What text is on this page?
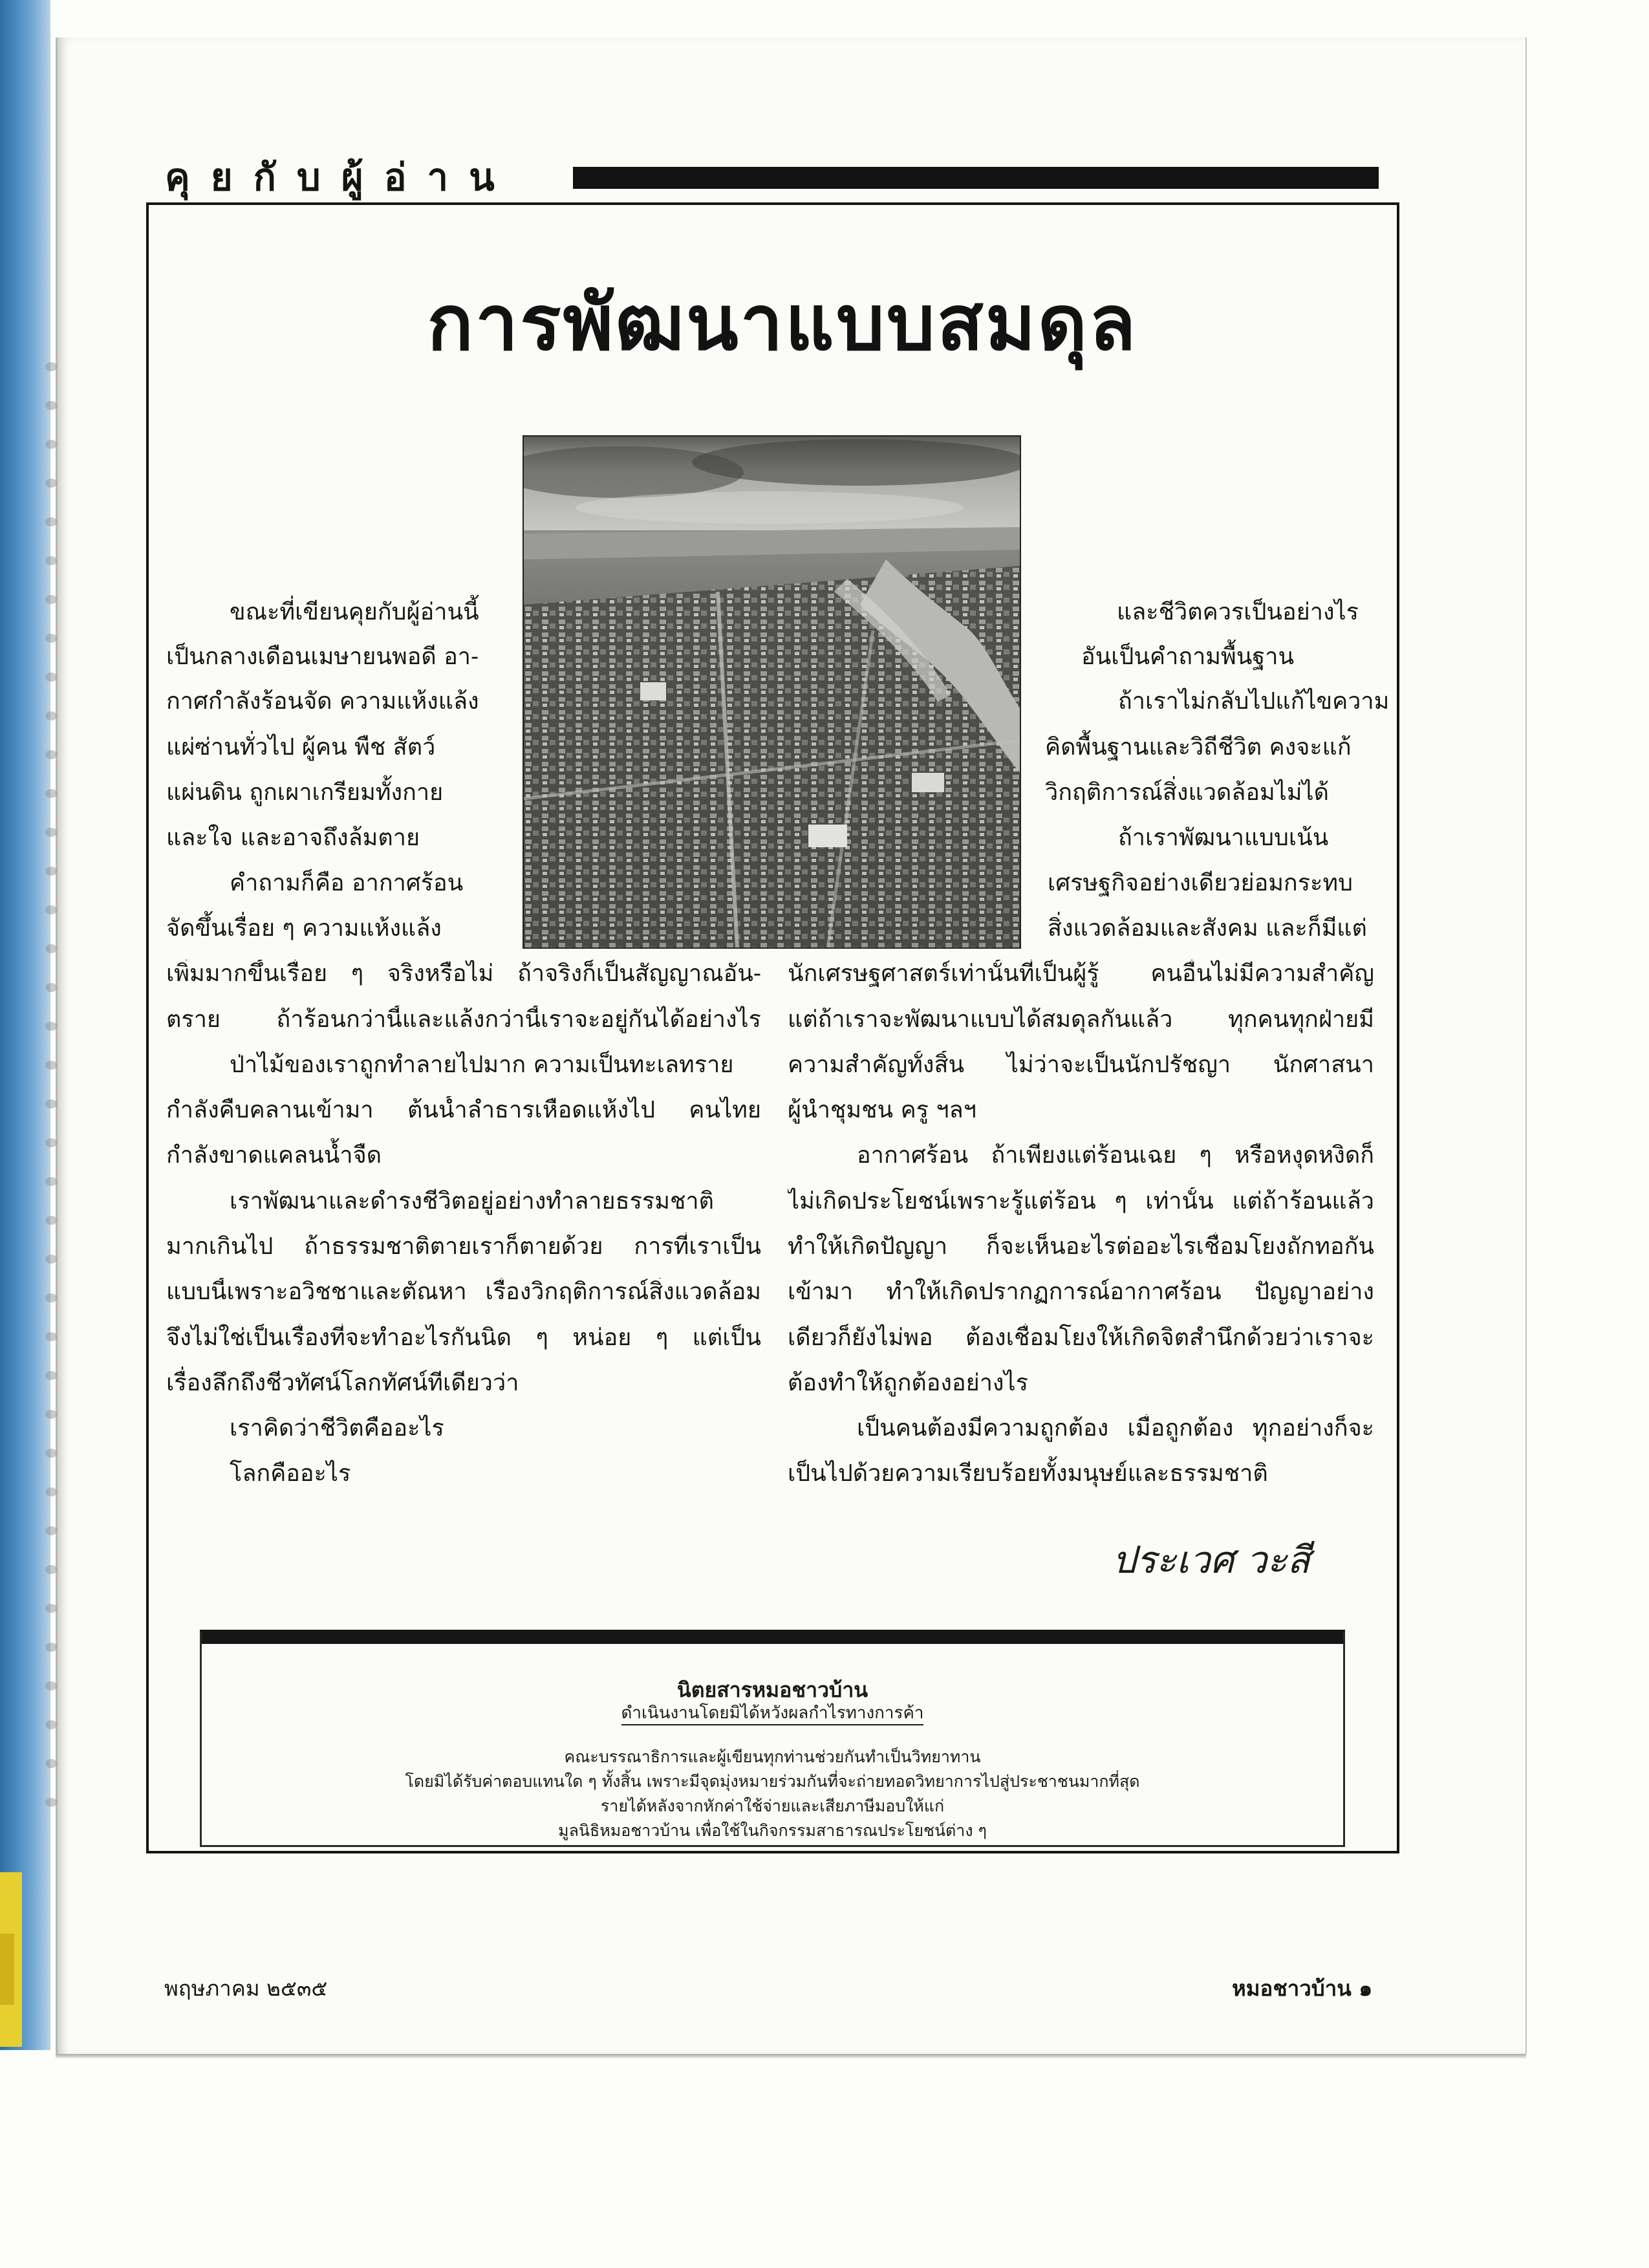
คุยกับผู้อ่าน
การพัฒนาแบบสมดุล
ขณะที่เขียนคุยกับผู้อ่านนี้
เป็นกลางเดือนเมษายนพอดี อา-
กาศกำลังร้อนจัด ความแห้งแล้ง
แผ่ซ่านทั่วไป ผู้คน พืช สัตว์
แผ่นดิน ถูกเผาเกรียมทั้งกาย
และใจ และอาจถึงล้มตาย
คำถามก็คือ อากาศร้อน
จัดขึ้นเรื่อย ๆ ความแห้งแล้ง
และชีวิตควรเป็นอย่างไร
อันเป็นคำถามพื้นฐาน
ถ้าเราไม่กลับไปแก้ไขความ
คิดพื้นฐานและวิถีชีวิต คงจะแก้
วิกฤติการณ์สิ่งแวดล้อมไม่ได้
ถ้าเราพัฒนาแบบเน้น
เศรษฐกิจอย่างเดียวย่อมกระทบ
สิ่งแวดล้อมและสังคม และก็มีแต่
เพิ่มมากขึ้นเรื่อย ๆ จริงหรือไม่ ถ้าจริงก็เป็นสัญญาณอัน-
ตราย ถ้าร้อนกว่านี้และแล้งกว่านี้เราจะอยู่กันได้อย่างไร
ป่าไม้ของเราถูกทำลายไปมาก ความเป็นทะเลทราย
กำลังคืบคลานเข้ามา ต้นน้ำลำธารเหือดแห้งไป คนไทย
กำลังขาดแคลนน้ำจืด
เราพัฒนาและดำรงชีวิตอยู่อย่างทำลายธรรมชาติ
มากเกินไป ถ้าธรรมชาติตายเราก็ตายด้วย การที่เราเป็น
แบบนี้เพราะอวิชชาและตัณหา เรื่องวิกฤติการณ์สิ่งแวดล้อม
จึงไม่ใช่เป็นเรื่องที่จะทำอะไรกันนิด ๆ หน่อย ๆ แต่เป็น
เรื่องลึกถึงชีวทัศน์โลกทัศน์ทีเดียวว่า
เราคิดว่าชีวิตคืออะไร
โลกคืออะไร
นักเศรษฐศาสตร์เท่านั้นที่เป็นผู้รู้ คนอื่นไม่มีความสำคัญ
แต่ถ้าเราจะพัฒนาแบบได้สมดุลกันแล้ว ทุกคนทุกฝ่ายมี
ความสำคัญทั้งสิ้น ไม่ว่าจะเป็นนักปรัชญา นักศาสนา
ผู้นำชุมชน ครู ฯลฯ
อากาศร้อน ถ้าเพียงแต่ร้อนเฉย ๆ หรือหงุดหงิดก็
ไม่เกิดประโยชน์เพราะรู้แต่ร้อน ๆ เท่านั้น แต่ถ้าร้อนแล้ว
ทำให้เกิดปัญญา ก็จะเห็นอะไรต่ออะไรเชื่อมโยงถักทอกัน
เข้ามา ทำให้เกิดปรากฏการณ์อากาศร้อน ปัญญาอย่าง
เดียวก็ยังไม่พอ ต้องเชื่อมโยงให้เกิดจิตสำนึกด้วยว่าเราจะ
ต้องทำให้ถูกต้องอย่างไร
เป็นคนต้องมีความถูกต้อง เมื่อถูกต้อง ทุกอย่างก็จะ
เป็นไปด้วยความเรียบร้อยทั้งมนุษย์และธรรมชาติ
ประเวศ วะสี
นิตยสารหมอชาวบ้าน
ดำเนินงานโดยมิได้หวังผลกำไรทางการค้า
คณะบรรณาธิการและผู้เขียนทุกท่านช่วยกันทำเป็นวิทยาทาน
โดยมิได้รับค่าตอบแทนใด ๆ ทั้งสิ้น เพราะมีจุดมุ่งหมายร่วมกันที่จะถ่ายทอดวิทยาการไปสู่ประชาชนมากที่สุด
รายได้หลังจากหักค่าใช้จ่ายและเสียภาษีมอบให้แก่
มูลนิธิหมอชาวบ้าน เพื่อใช้ในกิจกรรมสาธารณประโยชน์ต่าง ๆ
พฤษภาคม ๒๕๓๕	หมอชาวบ้าน ๑
